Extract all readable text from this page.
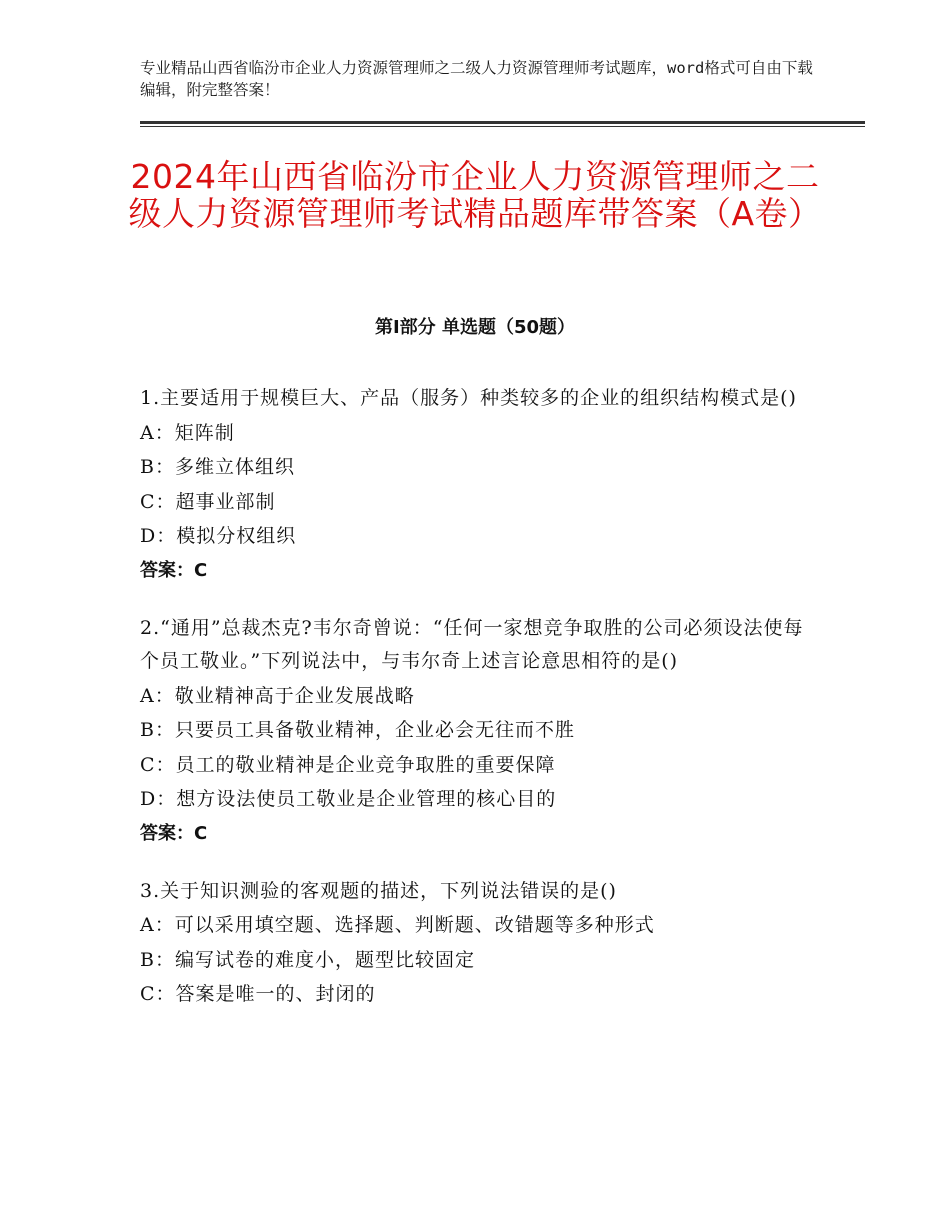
专业精品山西省临汾市企业人力资源管理师之二级人力资源管理师考试题库，word格式可自由下载编辑，附完整答案！
2024年山西省临汾市企业人力资源管理师之二级人力资源管理师考试精品题库带答案（A卷）
第Ⅰ部分 单选题（50题）
1.主要适用于规模巨大、产品（服务）种类较多的企业的组织结构模式是()
A：矩阵制
B：多维立体组织
C：超事业部制
D：模拟分权组织
答案：C
2.“通用”总裁杰克?韦尔奇曾说：“任何一家想竞争取胜的公司必须设法使每个员工敬业。”下列说法中，与韦尔奇上述言论意思相符的是()
A：敬业精神高于企业发展战略
B：只要员工具备敬业精神，企业必会无往而不胜
C：员工的敬业精神是企业竞争取胜的重要保障
D：想方设法使员工敬业是企业管理的核心目的
答案：C
3.关于知识测验的客观题的描述，下列说法错误的是()
A：可以采用填空题、选择题、判断题、改错题等多种形式
B：编写试卷的难度小，题型比较固定
C：答案是唯一的、封闭的
